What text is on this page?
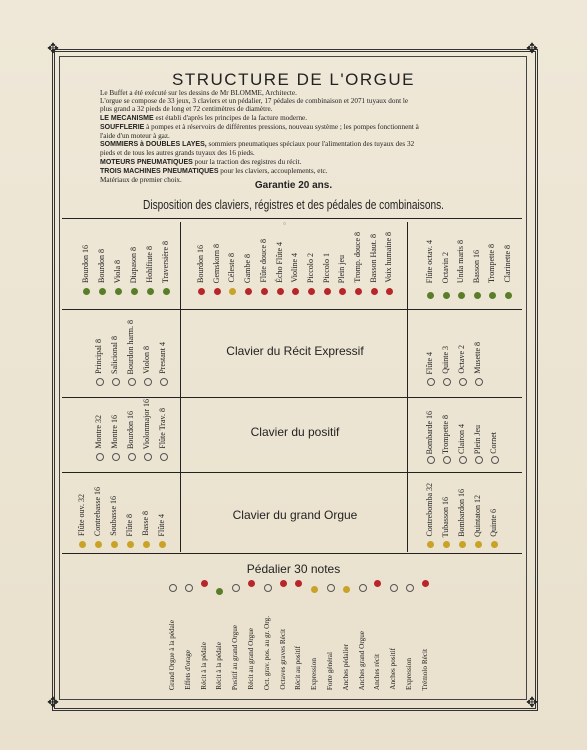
✥	✥
✥	✥
STRUCTURE DE L'ORGUE

Le Buffet a été exécuté sur les dessins de Mr BLOMME, Architecte.

L'orgue se compose de 33 jeux, 3 claviers et un pédalier, 17 pédales de combinaison et 2071 tuyaux dont le

plus grand a 32 pieds de long et 72 centimètres de diamètre.

LE MECANISME est établi d'après les principes de la facture moderne.

SOUFFLERIE à pompes et à réservoirs de différentes pressions, nouveau système ; les pompes fonctionnent à

l'aide d'un moteur à gaz.

SOMMIERS à DOUBLES LAYES, sommiers pneumatiques spéciaux pour l'alimentation des tuyaux des 32

pieds et de tous les autres grands tuyaux des 16 pieds.

MOTEURS PNEUMATIQUES pour la traction des registres du récit.

TROIS MACHINES PNEUMATIQUES pour les claviers, accouplements, etc.

Matériaux de premier choix.	Garantie 20 ans.
Disposition des claviers, régistres et des pédales de combinaisons.
○
Bourdon 16 Bourdon 8 Viola 8 Diapason 8 Hohlfiute 8 Traversière 8	Bourdon 16 Gemskorn 8 Céleste 8 Gambe 8 Flûte douce 8 Écho Flûte 4 Violine 4 Piccolo 2 Piccolo 1 Plein jeu Tromp. douce 8 Basson Haut. 8 Voix humaine 8	Flûte octav. 4 Octavin 2 Unda maris 8 Basson 16 Trompette 8 Clarinette 8
Clavier du Récit Expressif
Principal 8 Salicional 8 Bourdon harm. 8 Violon 8 Prestant 4	Flûte 4 Quinte 3 Octave 2 Musette 8
Clavier du positif
Montre 32 Montre 16 Bourdon 16 Violonmajor 16 Flûte Trav. 8	Bombarde 16 Trompette 8 Clairon 4 Plein Jeu Cornet
Clavier du grand Orgue
Flûte ouv. 32 Contrebasse 16 Soubasse 16 Flûte 8 Basse 8 Flûte 4	Contrebomba 32 Tubasson 16 Bombardon 16 Quintaton 12 Quinte 6
Pédalier 30 notes
Grand Orgue à la pédale Effets d'orage Récit à la pédale Récit à la pédale Positif au grand Orgue Récit au grand Orgue Oct. grav. pos. au gr. Org. Octaves graves Récit Récit au positif Expression Forte général Anches pédalier Anches grand Orgue Anches récit Anches positif Expression Trémolo Récit
